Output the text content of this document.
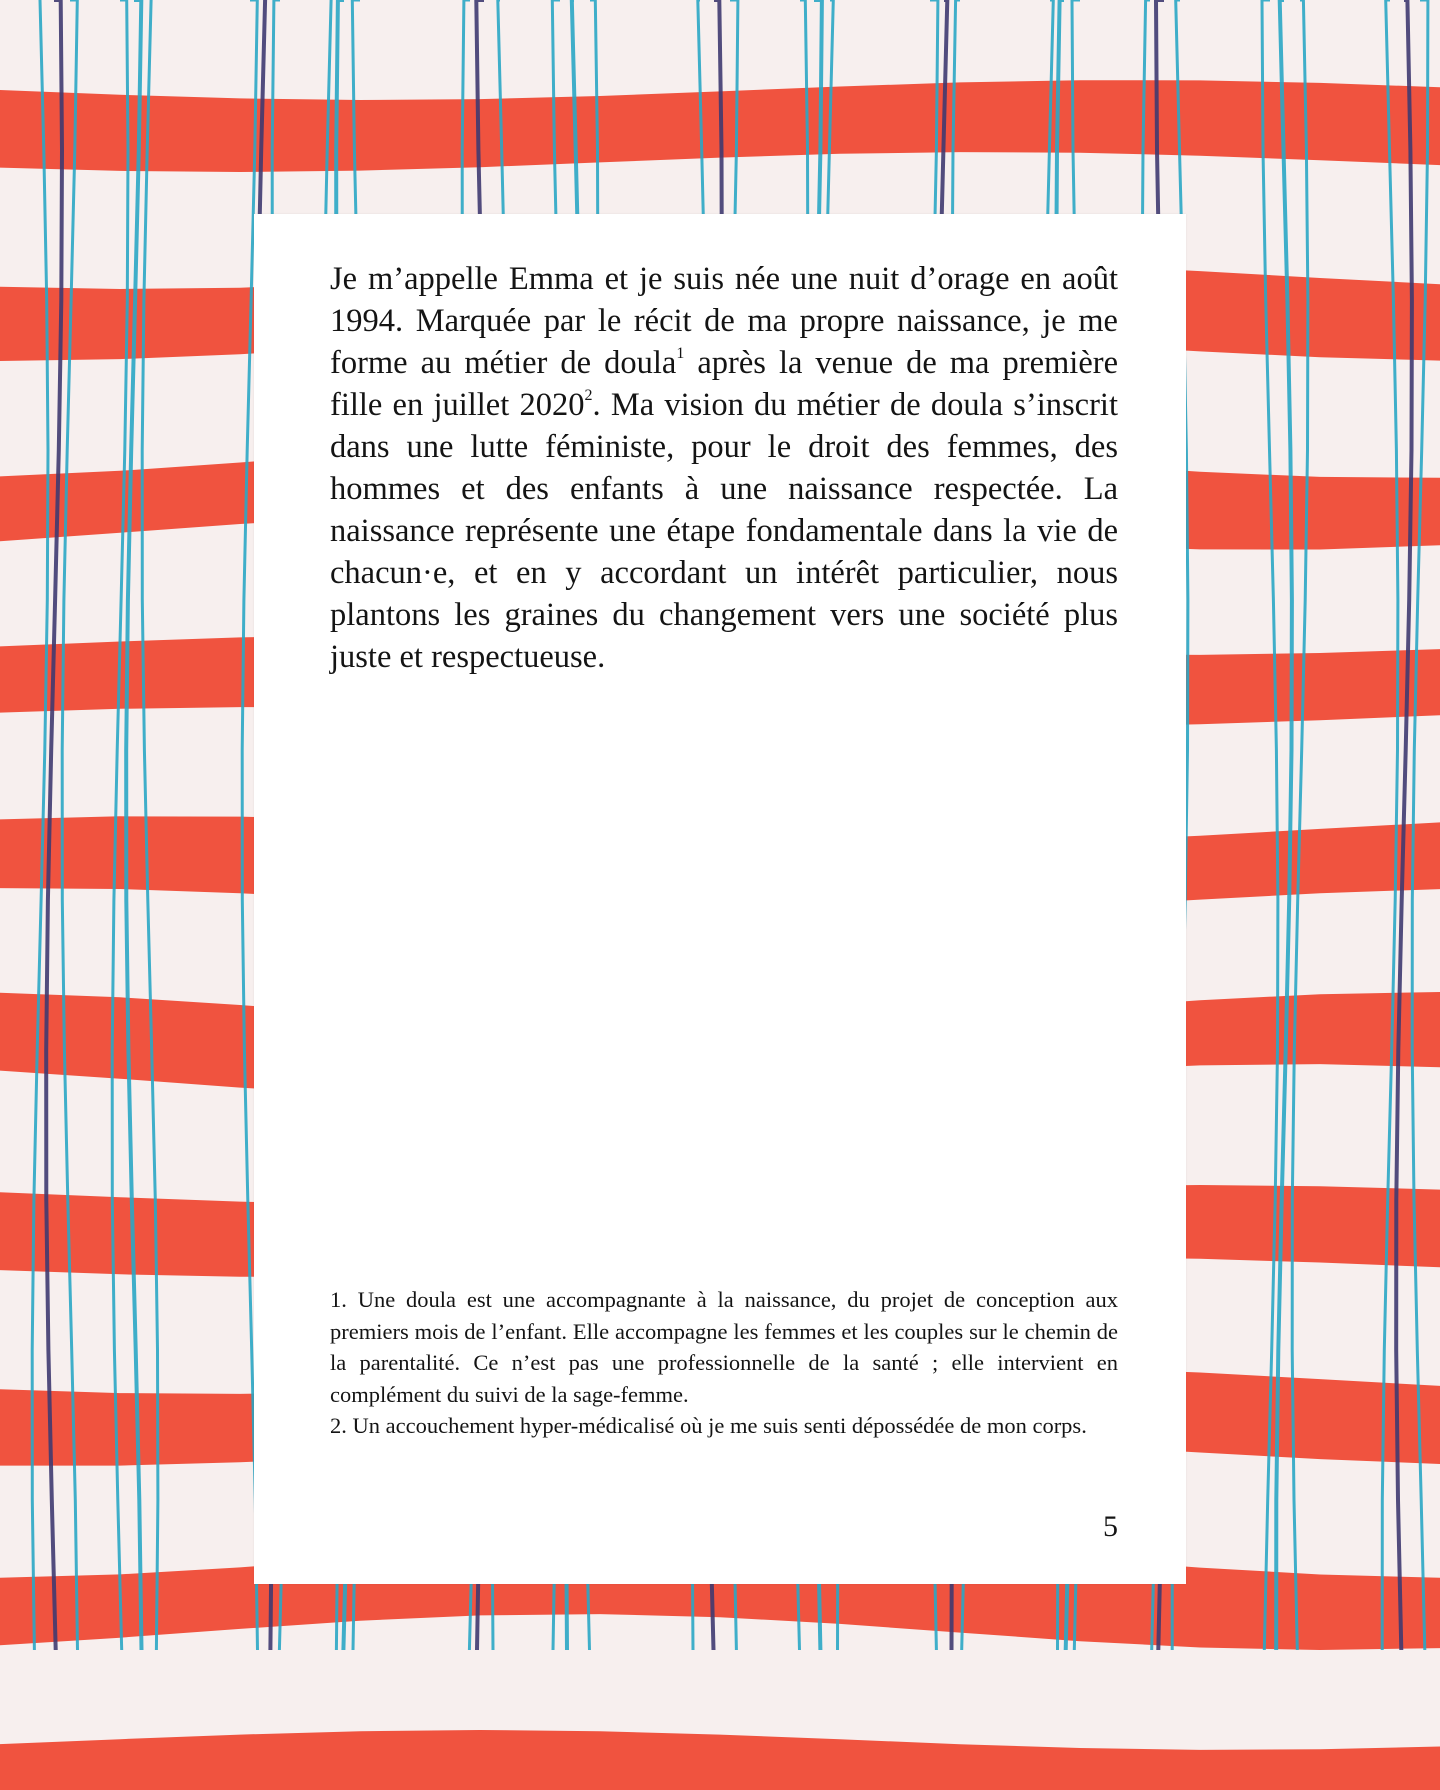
Je m’appelle Emma et je suis née une nuit d’orage en août 1994. Marquée par le récit de ma propre naissance, je me forme au métier de doula$^1$ après la venue de ma première fille en juillet 2020$^2$. Ma vision du métier de doula s’inscrit dans une lutte féministe, pour le droit des femmes, des hommes et des enfants à une naissance respectée. La naissance représente une étape fondamentale dans la vie de chacun·e, et en y accordant un intérêt particulier, nous plantons les graines du changement vers une société plus juste et respectueuse.

1. Une doula est une accompagnante à la naissance, du projet de conception aux premiers mois de l’enfant. Elle accompagne les femmes et les couples sur le chemin de la parentalité. Ce n’est pas une professionnelle de la santé ; elle intervient en complément du suivi de la sage-femme.

2. Un accouchement hyper-médicalisé où je me suis senti dépossédée de mon corps.

5
